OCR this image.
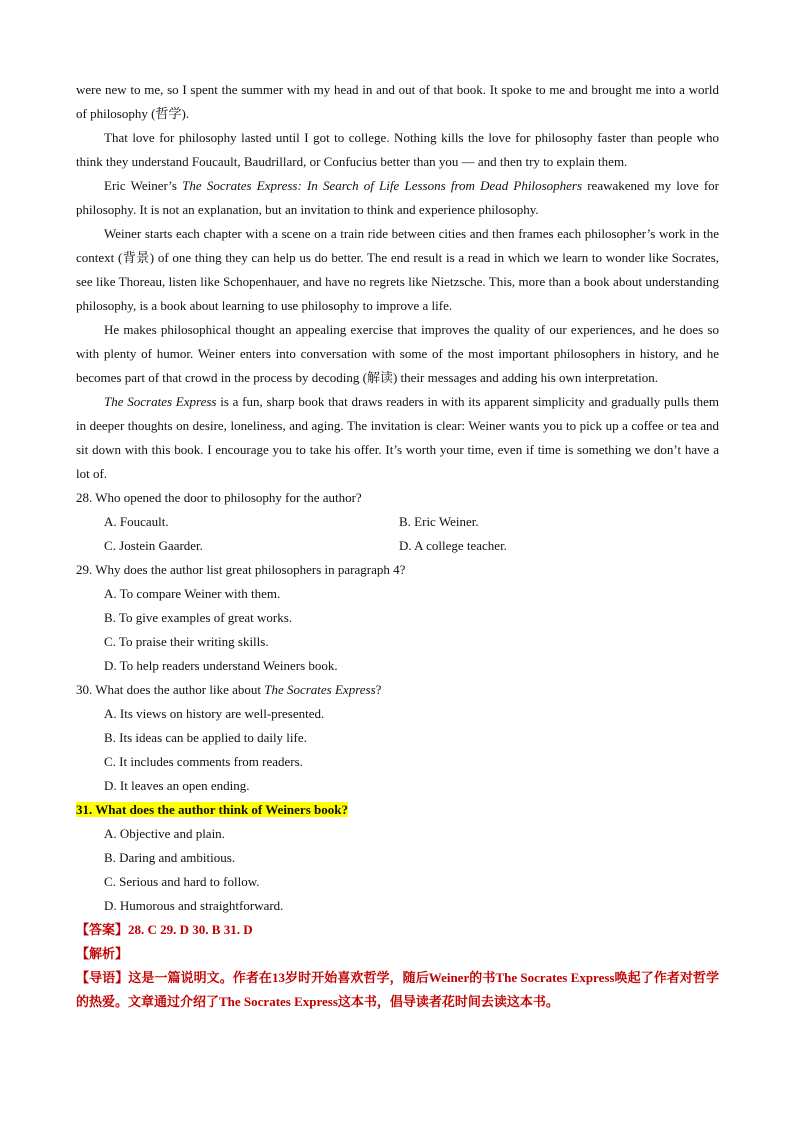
were new to me, so I spent the summer with my head in and out of that book. It spoke to me and brought me into a world of philosophy (哲学).

That love for philosophy lasted until I got to college. Nothing kills the love for philosophy faster than people who think they understand Foucault, Baudrillard, or Confucius better than you — and then try to explain them.

Eric Weiner’s The Socrates Express: In Search of Life Lessons from Dead Philosophers reawakened my love for philosophy. It is not an explanation, but an invitation to think and experience philosophy.

Weiner starts each chapter with a scene on a train ride between cities and then frames each philosopher’s work in the context (背景) of one thing they can help us do better. The end result is a read in which we learn to wonder like Socrates, see like Thoreau, listen like Schopenhauer, and have no regrets like Nietzsche. This, more than a book about understanding philosophy, is a book about learning to use philosophy to improve a life.

He makes philosophical thought an appealing exercise that improves the quality of our experiences, and he does so with plenty of humor. Weiner enters into conversation with some of the most important philosophers in history, and he becomes part of that crowd in the process by decoding (解读) their messages and adding his own interpretation.

The Socrates Express is a fun, sharp book that draws readers in with its apparent simplicity and gradually pulls them in deeper thoughts on desire, loneliness, and aging. The invitation is clear: Weiner wants you to pick up a coffee or tea and sit down with this book. I encourage you to take his offer. It’s worth your time, even if time is something we don’t have a lot of.

28. Who opened the door to philosophy for the author?

A. Foucault.	B. Eric Weiner.
C. Jostein Gaarder.	D. A college teacher.

29. Why does the author list great philosophers in paragraph 4?

A. To compare Weiner with them.

B. To give examples of great works.

C. To praise their writing skills.

D. To help readers understand Weiners book.

30. What does the author like about The Socrates Express?

A. Its views on history are well-presented.

B. Its ideas can be applied to daily life.

C. It includes comments from readers.

D. It leaves an open ending.

31. What does the author think of Weiners book?

A. Objective and plain.

B. Daring and ambitious.

C. Serious and hard to follow.

D. Humorous and straightforward.

【答案】28. C 29. D 30. B 31. D

【解析】

【导语】这是一篇说明文。作者在13岁时开始喜欢哲学，随后Weiner的书The Socrates Express唤起了作者对哲学的热爱。文章通过介绍了The Socrates Express这本书，倡导读者花时间去读这本书。
